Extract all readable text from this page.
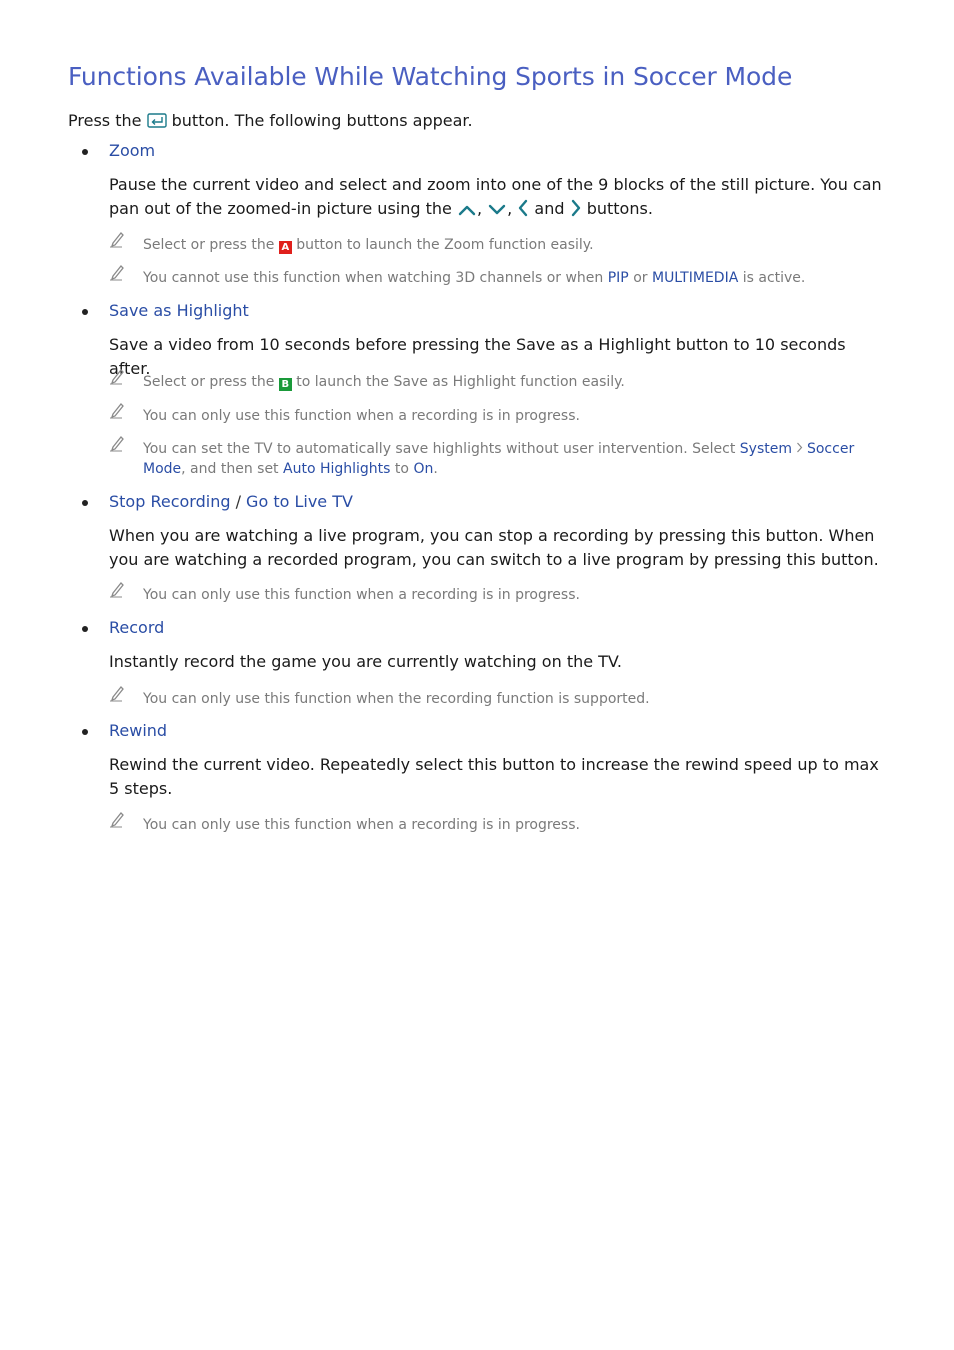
Functions Available While Watching Sports in Soccer Mode
Press the  button. The following buttons appear.
Zoom
Pause the current video and select and zoom into one of the 9 blocks of the still picture. You can
pan out of the zoomed-in picture using the , , and  buttons.
Select or press the A button to launch the Zoom function easily.
You cannot use this function when watching 3D channels or when PIP or MULTIMEDIA is active.
Save as Highlight
Save a video from 10 seconds before pressing the Save as a Highlight button to 10 seconds after.
Select or press the B to launch the Save as Highlight function easily.
You can only use this function when a recording is in progress.
You can set the TV to automatically save highlights without user intervention. Select System Soccer Mode, and then set Auto Highlights to On.
Stop Recording / Go to Live TV
When you are watching a live program, you can stop a recording by pressing this button. When you are watching a recorded program, you can switch to a live program by pressing this button.
You can only use this function when a recording is in progress.
Record
Instantly record the game you are currently watching on the TV.
You can only use this function when the recording function is supported.
Rewind
Rewind the current video. Repeatedly select this button to increase the rewind speed up to max 5 steps.
You can only use this function when a recording is in progress.
